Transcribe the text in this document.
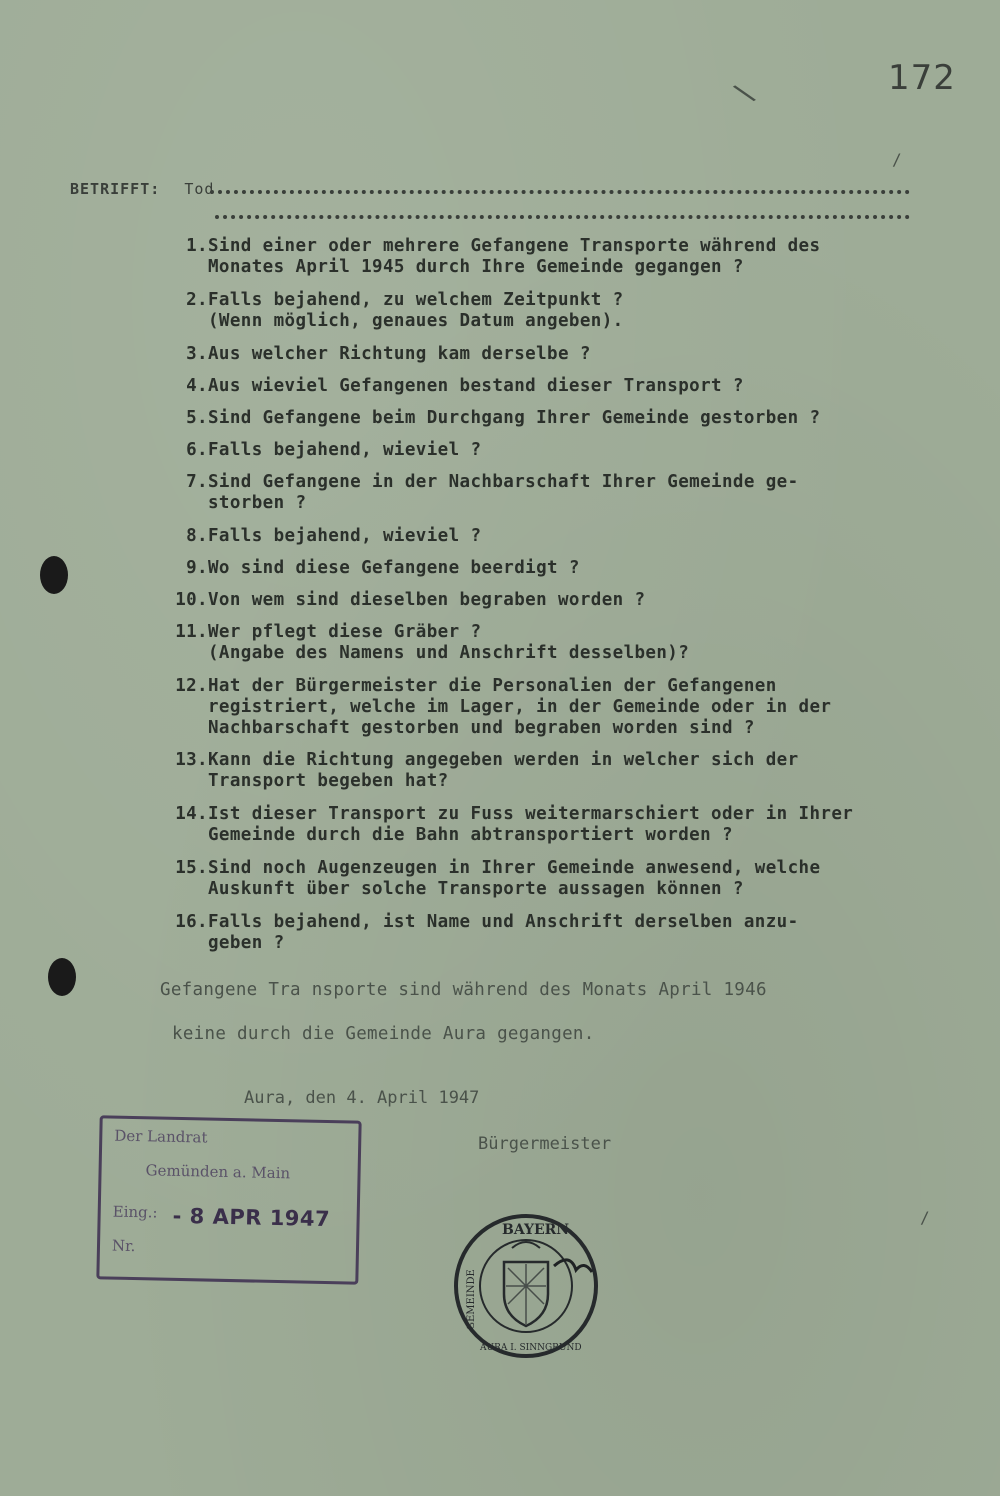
172
BETRIFFT: Tod
1. Sind einer oder mehrere Gefangene Transporte während des
Monates April 1945 durch Ihre Gemeinde gegangen ?
2. Falls bejahend, zu welchem Zeitpunkt ?
(Wenn möglich, genaues Datum angeben).
3. Aus welcher Richtung kam derselbe ?
4. Aus wieviel Gefangenen bestand dieser Transport ?
5. Sind Gefangene beim Durchgang Ihrer Gemeinde gestorben ?
6. Falls bejahend, wieviel ?
7. Sind Gefangene in der Nachbarschaft Ihrer Gemeinde ge-
storben ?
8. Falls bejahend, wieviel ?
9. Wo sind diese Gefangene beerdigt ?
10. Von wem sind dieselben begraben worden ?
11. Wer pflegt diese Gräber ?
(Angabe des Namens und Anschrift desselben)?
12. Hat der Bürgermeister die Personalien der Gefangenen
registriert, welche im Lager, in der Gemeinde oder in der
Nachbarschaft gestorben und begraben worden sind ?
13. Kann die Richtung angegeben werden in welcher sich der
Transport begeben hat?
14. Ist dieser Transport zu Fuss weitermarschiert oder in Ihrer
Gemeinde durch die Bahn abtransportiert worden ?
15. Sind noch Augenzeugen in Ihrer Gemeinde anwesend, welche
Auskunft über solche Transporte aussagen können ?
16. Falls bejahend, ist Name und Anschrift derselben anzu-
geben ?
Gefangene Tra nsporte sind während des Monats April 1946
keine durch die Gemeinde Aura gegangen.
Aura, den 4. April 1947
Bürgermeister
Der Landrat
Gemünden a. Main
Eing.: - 8 APR 1947
Nr.
BAYERN
GEMEINDE
AURA I. SINNGRUND
\
/
/
